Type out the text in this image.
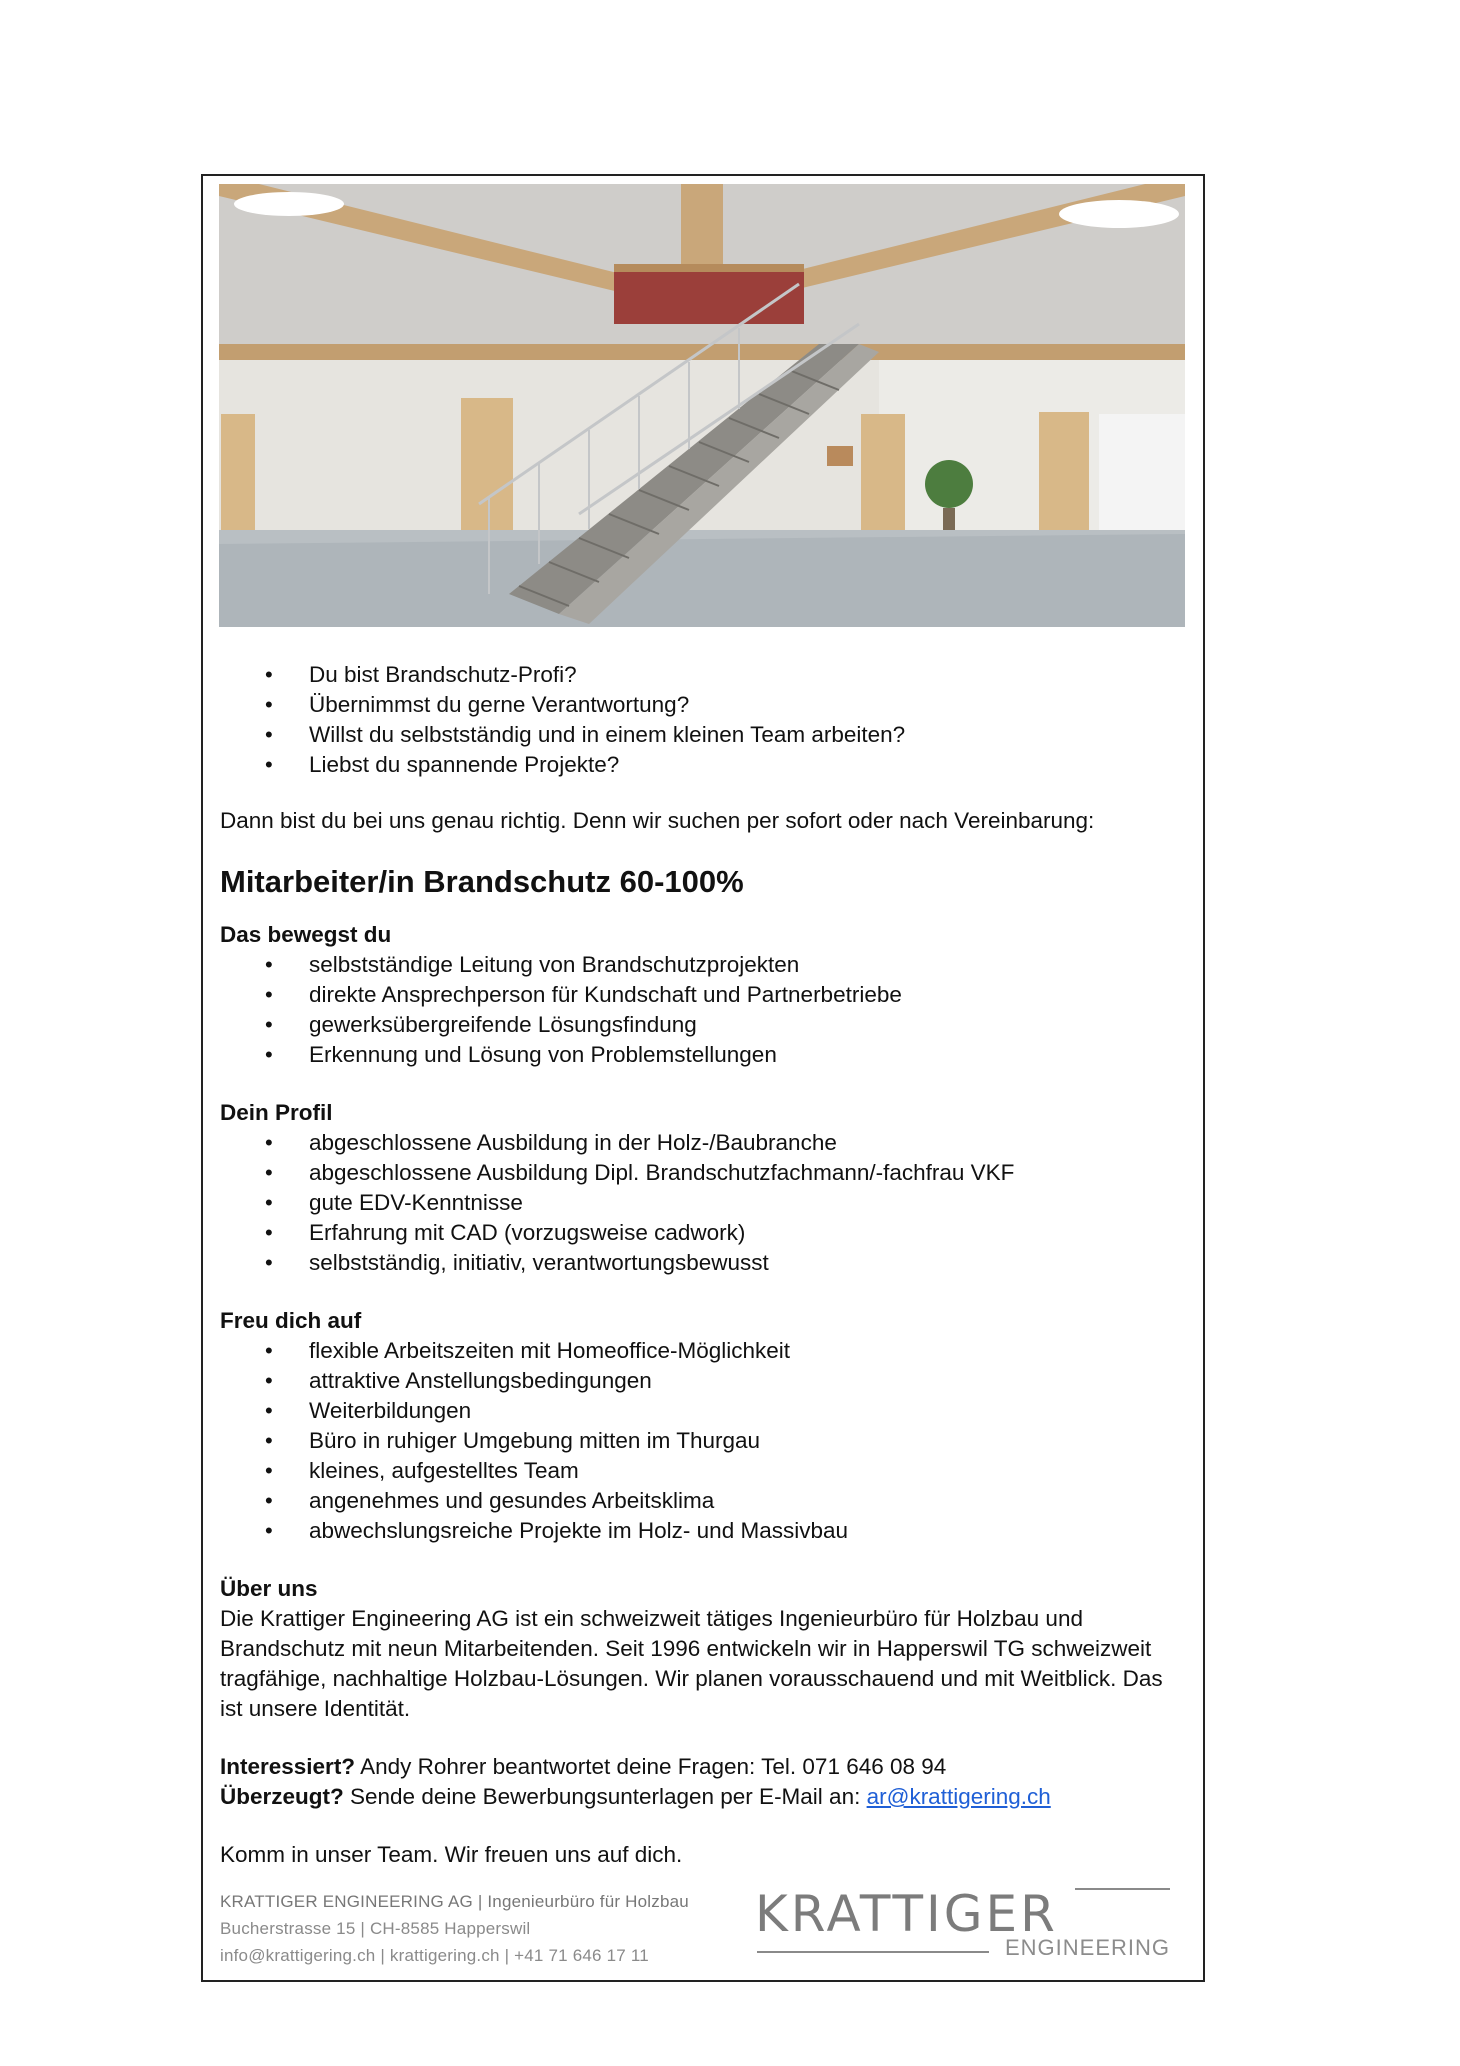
• Du bist Brandschutz-Profi?
• Übernimmst du gerne Verantwortung?
• Willst du selbstständig und in einem kleinen Team arbeiten?
• Liebst du spannende Projekte?

Dann bist du bei uns genau richtig. Denn wir suchen per sofort oder nach Vereinbarung:

Mitarbeiter/in Brandschutz 60-100%
Das bewegst du
• selbstständige Leitung von Brandschutzprojekten
• direkte Ansprechperson für Kundschaft und Partnerbetriebe
• gewerksübergreifende Lösungsfindung
• Erkennung und Lösung von Problemstellungen
Dein Profil
• abgeschlossene Ausbildung in der Holz-/Baubranche
• abgeschlossene Ausbildung Dipl. Brandschutzfachmann/-fachfrau VKF
• gute EDV-Kenntnisse
• Erfahrung mit CAD (vorzugsweise cadwork)
• selbstständig, initiativ, verantwortungsbewusst
Freu dich auf
• flexible Arbeitszeiten mit Homeoffice-Möglichkeit
• attraktive Anstellungsbedingungen
• Weiterbildungen
• Büro in ruhiger Umgebung mitten im Thurgau
• kleines, aufgestelltes Team
• angenehmes und gesundes Arbeitsklima
• abwechslungsreiche Projekte im Holz- und Massivbau
Über uns

Die Krattiger Engineering AG ist ein schweizweit tätiges Ingenieurbüro für Holzbau und Brandschutz mit neun Mitarbeitenden. Seit 1996 entwickeln wir in Happerswil TG schweizweit tragfähige, nachhaltige Holzbau-Lösungen. Wir planen vorausschauend und mit Weitblick. Das ist unsere Identität.

Interessiert? Andy Rohrer beantwortet deine Fragen: Tel. 071 646 08 94

Überzeugt? Sende deine Bewerbungsunterlagen per E-Mail an: ar@krattigering.ch

Komm in unser Team. Wir freuen uns auf dich.

KRATTIGER ENGINEERING AG | Ingenieurbüro für Holzbau
Bucherstrasse 15 | CH-8585 Happerswil
info@krattigering.ch | krattigering.ch | +41 71 646 17 11
KRATTIGER
ENGINEERING
